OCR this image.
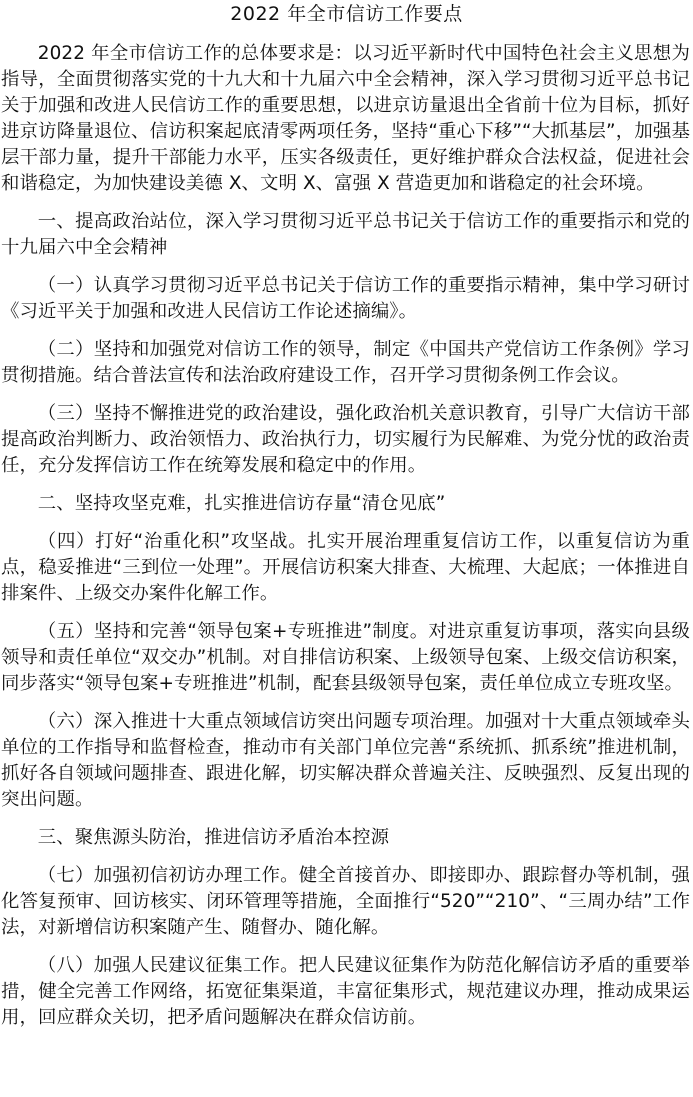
2022 年全市信访工作要点

2022 年全市信访工作的总体要求是：以习近平新时代中国特色社会主义思想为指导，全面贯彻落实党的十九大和十九届六中全会精神，深入学习贯彻习近平总书记关于加强和改进人民信访工作的重要思想，以进京访量退出全省前十位为目标，抓好进京访降量退位、信访积案起底清零两项任务，坚持“重心下移”“大抓基层”，加强基层干部力量，提升干部能力水平，压实各级责任，更好维护群众合法权益，促进社会和谐稳定，为加快建设美德 X、文明 X、富强 X 营造更加和谐稳定的社会环境。

一、提高政治站位，深入学习贯彻习近平总书记关于信访工作的重要指示和党的十九届六中全会精神

（一）认真学习贯彻习近平总书记关于信访工作的重要指示精神，集中学习研讨《习近平关于加强和改进人民信访工作论述摘编》。

（二）坚持和加强党对信访工作的领导，制定《中国共产党信访工作条例》学习贯彻措施。结合普法宣传和法治政府建设工作，召开学习贯彻条例工作会议。

（三）坚持不懈推进党的政治建设，强化政治机关意识教育，引导广大信访干部提高政治判断力、政治领悟力、政治执行力，切实履行为民解难、为党分忧的政治责任，充分发挥信访工作在统筹发展和稳定中的作用。

二、坚持攻坚克难，扎实推进信访存量“清仓见底”

（四）打好“治重化积”攻坚战。扎实开展治理重复信访工作，以重复信访为重点，稳妥推进“三到位一处理”。开展信访积案大排查、大梳理、大起底；一体推进自排案件、上级交办案件化解工作。

（五）坚持和完善“领导包案+专班推进”制度。对进京重复访事项，落实向县级领导和责任单位“双交办”机制。对自排信访积案、上级领导包案、上级交信访积案，同步落实“领导包案+专班推进”机制，配套县级领导包案，责任单位成立专班攻坚。

（六）深入推进十大重点领域信访突出问题专项治理。加强对十大重点领域牵头单位的工作指导和监督检查，推动市有关部门单位完善“系统抓、抓系统”推进机制，抓好各自领域问题排查、跟进化解，切实解决群众普遍关注、反映强烈、反复出现的突出问题。

三、聚焦源头防治，推进信访矛盾治本控源

（七）加强初信初访办理工作。健全首接首办、即接即办、跟踪督办等机制，强化答复预审、回访核实、闭环管理等措施，全面推行“520”“210”、“三周办结”工作法，对新增信访积案随产生、随督办、随化解。

（八）加强人民建议征集工作。把人民建议征集作为防范化解信访矛盾的重要举措，健全完善工作网络，拓宽征集渠道，丰富征集形式，规范建议办理，推动成果运用，回应群众关切，把矛盾问题解决在群众信访前。
